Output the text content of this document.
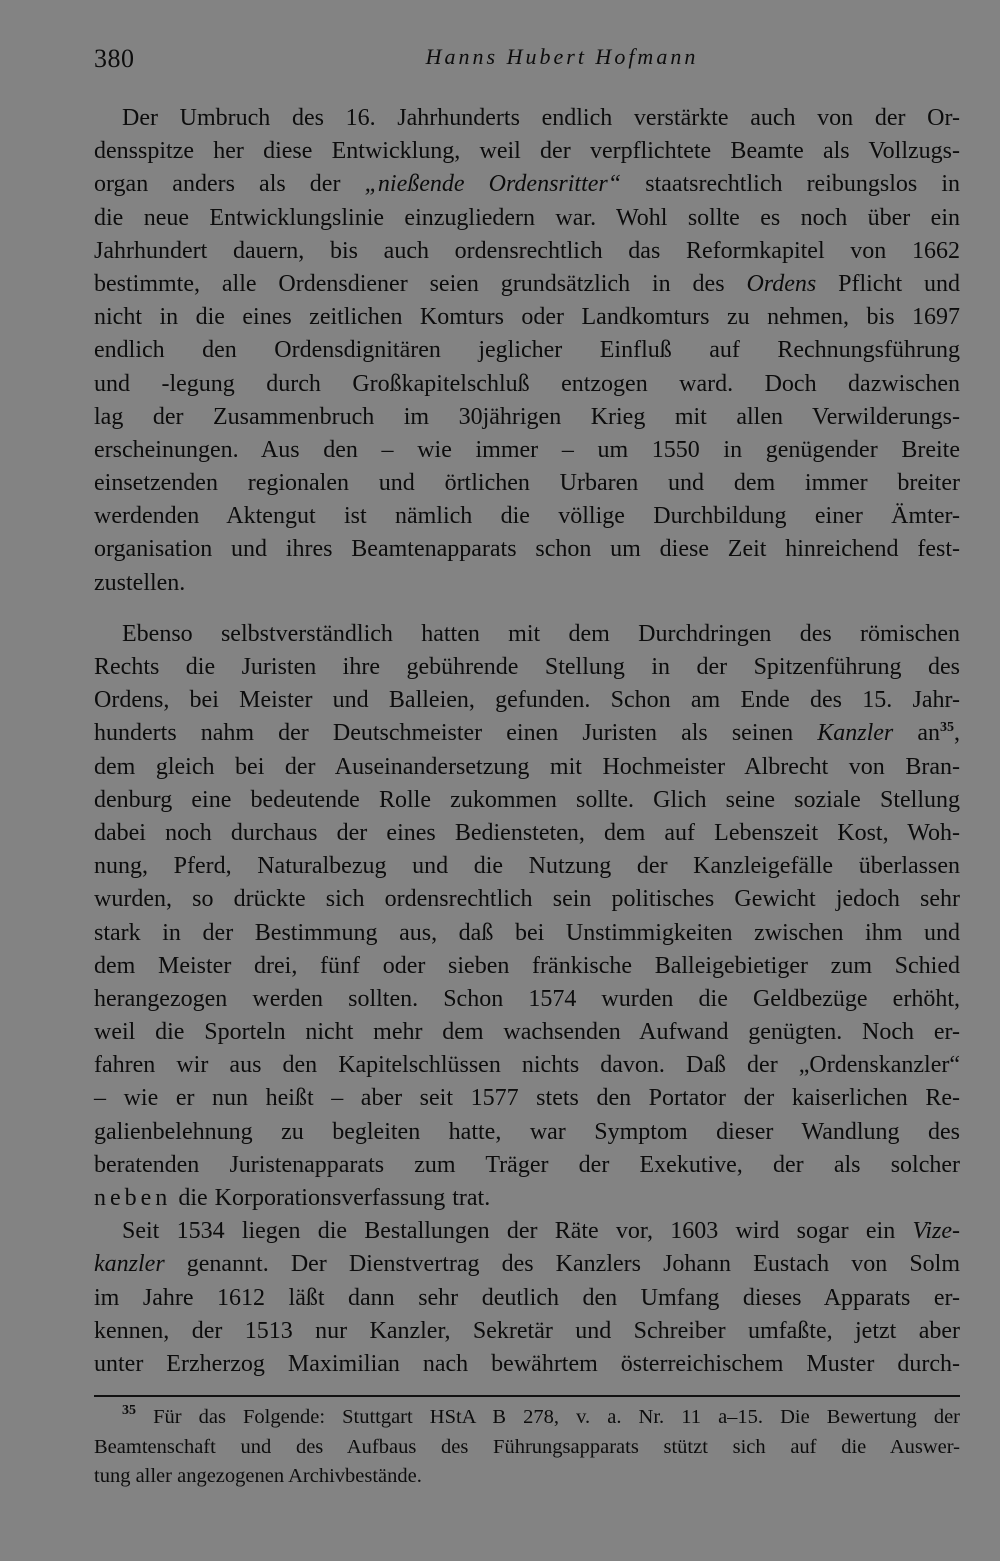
380	Hanns Hubert Hofmann
Der Umbruch des 16. Jahrhunderts endlich verstärkte auch von der Or-
densspitze her diese Entwicklung, weil der verpflichtete Beamte als Vollzugs-
organ anders als der „nießende Ordensritter“ staatsrechtlich reibungslos in
die neue Entwicklungslinie einzugliedern war. Wohl sollte es noch über ein
Jahrhundert dauern, bis auch ordensrechtlich das Reformkapitel von 1662
bestimmte, alle Ordensdiener seien grundsätzlich in des Ordens Pflicht und
nicht in die eines zeitlichen Komturs oder Landkomturs zu nehmen, bis 1697
endlich den Ordensdignitären jeglicher Einfluß auf Rechnungsführung
und -legung durch Großkapitelschluß entzogen ward. Doch dazwischen
lag der Zusammenbruch im 30jährigen Krieg mit allen Verwilderungs-
erscheinungen. Aus den – wie immer – um 1550 in genügender Breite
einsetzenden regionalen und örtlichen Urbaren und dem immer breiter
werdenden Aktengut ist nämlich die völlige Durchbildung einer Ämter-
organisation und ihres Beamtenapparats schon um diese Zeit hinreichend fest-
zustellen.
Ebenso selbstverständlich hatten mit dem Durchdringen des römischen
Rechts die Juristen ihre gebührende Stellung in der Spitzenführung des
Ordens, bei Meister und Balleien, gefunden. Schon am Ende des 15. Jahr-
hunderts nahm der Deutschmeister einen Juristen als seinen Kanzler $an^{35}$,
dem gleich bei der Auseinandersetzung mit Hochmeister Albrecht von Bran-
denburg eine bedeutende Rolle zukommen sollte. Glich seine soziale Stellung
dabei noch durchaus der eines Bediensteten, dem auf Lebenszeit Kost, Woh-
nung, Pferd, Naturalbezug und die Nutzung der Kanzleigefälle überlassen
wurden, so drückte sich ordensrechtlich sein politisches Gewicht jedoch sehr
stark in der Bestimmung aus, daß bei Unstimmigkeiten zwischen ihm und
dem Meister drei, fünf oder sieben fränkische Balleigebietiger zum Schied
herangezogen werden sollten. Schon 1574 wurden die Geldbezüge erhöht,
weil die Sporteln nicht mehr dem wachsenden Aufwand genügten. Noch er-
fahren wir aus den Kapitelschlüssen nichts davon. Daß der „Ordenskanzler“
– wie er nun heißt – aber seit 1577 stets den Portator der kaiserlichen Re-
galienbelehnung zu begleiten hatte, war Symptom dieser Wandlung des
beratenden Juristenapparats zum Träger der Exekutive, der als solcher
neben die Korporationsverfassung trat.
Seit 1534 liegen die Bestallungen der Räte vor, 1603 wird sogar ein Vize-
kanzler genannt. Der Dienstvertrag des Kanzlers Johann Eustach von Solm
im Jahre 1612 läßt dann sehr deutlich den Umfang dieses Apparats er-
kennen, der 1513 nur Kanzler, Sekretär und Schreiber umfaßte, jetzt aber
unter Erzherzog Maximilian nach bewährtem österreichischem Muster durch-
$^{35}$ Für das Folgende: Stuttgart HStA B 278, v. a. Nr. 11 a–15. Die Bewertung der
Beamtenschaft und des Aufbaus des Führungsapparats stützt sich auf die Auswer-
tung aller angezogenen Archivbestände.
